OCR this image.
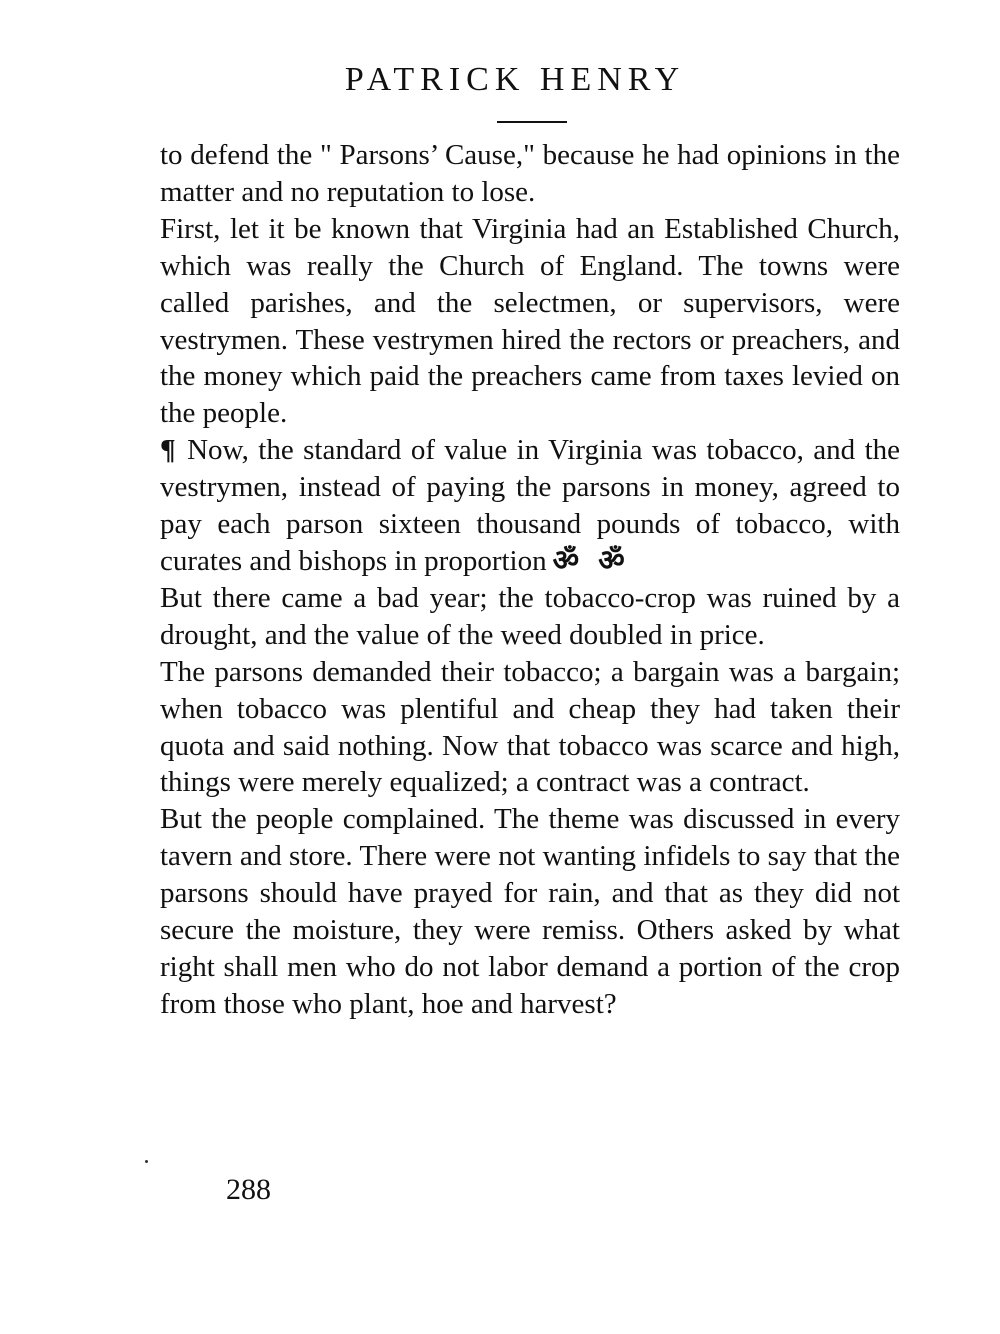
PATRICK HENRY

to defend the " Parsons’ Cause," because he had opinions in the matter and no reputation to lose.

First, let it be known that Virginia had an Established Church, which was really the Church of England. The towns were called parishes, and the selectmen, or supervisors, were vestrymen. These vestrymen hired the rectors or preachers, and the money which paid the preachers came from taxes levied on the people.

¶ Now, the standard of value in Virginia was tobacco, and the vestrymen, instead of paying the parsons in money, agreed to pay each parson sixteen thousand pounds of tobacco, with curates and bishops in proportion ॐ ॐ

But there came a bad year; the tobacco-crop was ruined by a drought, and the value of the weed doubled in price.

The parsons demanded their tobacco; a bargain was a bargain; when tobacco was plentiful and cheap they had taken their quota and said nothing. Now that tobacco was scarce and high, things were merely equalized; a contract was a contract.

But the people complained. The theme was discussed in every tavern and store. There were not wanting infidels to say that the parsons should have prayed for rain, and that as they did not secure the moisture, they were remiss. Others asked by what right shall men who do not labor demand a portion of the crop from those who plant, hoe and harvest?

288
